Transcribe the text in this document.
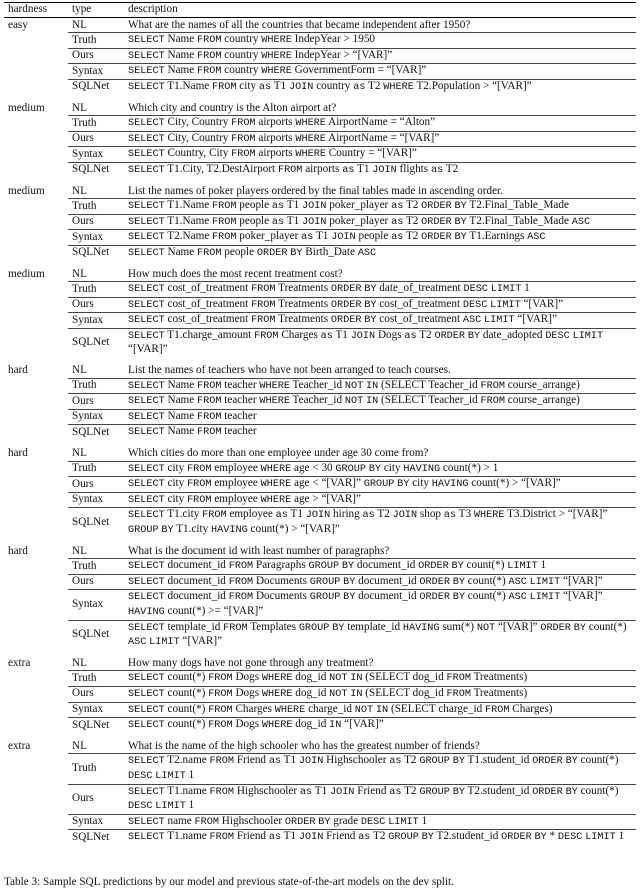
hardness	type	description
easy	NL	What are the names of all the countries that became independent after 1950?
	Truth	SELECT Name FROM country WHERE IndepYear > 1950
	Ours	SELECT Name FROM country WHERE IndepYear > “[VAR]”
	Syntax	SELECT Name FROM country WHERE GovernmentForm = “[VAR]”
	SQLNet	SELECT T1.Name FROM city as T1 JOIN country as T2 WHERE T2.Population > “[VAR]”

medium	NL	Which city and country is the Alton airport at?
	Truth	SELECT City, Country FROM airports WHERE AirportName = “Alton”
	Ours	SELECT City, Country FROM airports WHERE AirportName = “[VAR]”
	Syntax	SELECT Country, City FROM airports WHERE Country = “[VAR]”
	SQLNet	SELECT T1.City, T2.DestAirport FROM airports as T1 JOIN flights as T2

medium	NL	List the names of poker players ordered by the final tables made in ascending order.
	Truth	SELECT T1.Name FROM people as T1 JOIN poker_player as T2 ORDER BY T2.Final_Table_Made
	Ours	SELECT T1.Name FROM people as T1 JOIN poker_player as T2 ORDER BY T2.Final_Table_Made ASC
	Syntax	SELECT T2.Name FROM poker_player as T1 JOIN people as T2 ORDER BY T1.Earnings ASC
	SQLNet	SELECT Name FROM people ORDER BY Birth_Date ASC

medium	NL	How much does the most recent treatment cost?
	Truth	SELECT cost_of_treatment FROM Treatments ORDER BY date_of_treatment DESC LIMIT 1
	Ours	SELECT cost_of_treatment FROM Treatments ORDER BY cost_of_treatment DESC LIMIT “[VAR]”
	Syntax	SELECT cost_of_treatment FROM Treatments ORDER BY cost_of_treatment ASC LIMIT “[VAR]”
	SQLNet	SELECT T1.charge_amount FROM Charges as T1 JOIN Dogs as T2 ORDER BY date_adopted DESC LIMIT “[VAR]”

hard	NL	List the names of teachers who have not been arranged to teach courses.
	Truth	SELECT Name FROM teacher WHERE Teacher_id NOT IN (SELECT Teacher_id FROM course_arrange)
	Ours	SELECT Name FROM teacher WHERE Teacher_id NOT IN (SELECT Teacher_id FROM course_arrange)
	Syntax	SELECT Name FROM teacher
	SQLNet	SELECT Name FROM teacher

hard	NL	Which cities do more than one employee under age 30 come from?
	Truth	SELECT city FROM employee WHERE age < 30 GROUP BY city HAVING count(*) > 1
	Ours	SELECT city FROM employee WHERE age < “[VAR]” GROUP BY city HAVING count(*) > “[VAR]”
	Syntax	SELECT city FROM employee WHERE age > “[VAR]”
	SQLNet	SELECT T1.city FROM employee as T1 JOIN hiring as T2 JOIN shop as T3 WHERE T3.District > “[VAR]” GROUP BY T1.city HAVING count(*) > “[VAR]”

hard	NL	What is the document id with least number of paragraphs?
	Truth	SELECT document_id FROM Paragraphs GROUP BY document_id ORDER BY count(*) LIMIT 1
	Ours	SELECT document_id FROM Documents GROUP BY document_id ORDER BY count(*) ASC LIMIT “[VAR]”
	Syntax	SELECT document_id FROM Documents GROUP BY document_id ORDER BY count(*) ASC LIMIT “[VAR]” HAVING count(*) >= “[VAR]”
	SQLNet	SELECT template_id FROM Templates GROUP BY template_id HAVING sum(*) NOT “[VAR]” ORDER BY count(*) ASC LIMIT “[VAR]”

extra	NL	How many dogs have not gone through any treatment?
	Truth	SELECT count(*) FROM Dogs WHERE dog_id NOT IN (SELECT dog_id FROM Treatments)
	Ours	SELECT count(*) FROM Dogs WHERE dog_id NOT IN (SELECT dog_id FROM Treatments)
	Syntax	SELECT count(*) FROM Charges WHERE charge_id NOT IN (SELECT charge_id FROM Charges)
	SQLNet	SELECT count(*) FROM Dogs WHERE dog_id IN “[VAR]”

extra	NL	What is the name of the high schooler who has the greatest number of friends?
	Truth	SELECT T2.name FROM Friend as T1 JOIN Highschooler as T2 GROUP BY T1.student_id ORDER BY count(*) DESC LIMIT 1
	Ours	SELECT T1.name FROM Highschooler as T1 JOIN Friend as T2 GROUP BY T2.student_id ORDER BY count(*) DESC LIMIT 1
	Syntax	SELECT name FROM Highschooler ORDER BY grade DESC LIMIT 1
	SQLNet	SELECT T1.name FROM Friend as T1 JOIN Friend as T2 GROUP BY T2.student_id ORDER BY * DESC LIMIT 1
Table 3: Sample SQL predictions by our model and previous state-of-the-art models on the dev split.
